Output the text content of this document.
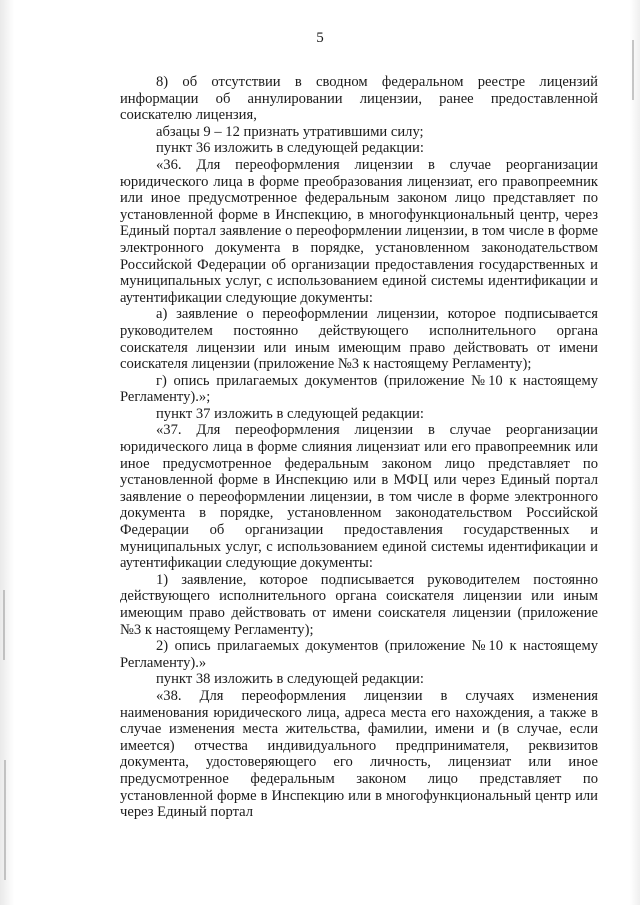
5

8) об отсутствии в сводном федеральном реестре лицензий информации об аннулировании лицензии, ранее предоставленной соискателю лицензия,

абзацы 9 – 12 признать утратившими силу;

пункт 36 изложить в следующей редакции:

«36. Для переоформления лицензии в случае реорганизации юридического лица в форме преобразования лицензиат, его правопреемник или иное предусмотренное федеральным законом лицо представляет по установленной форме в Инспекцию, в многофункциональный центр, через Единый портал заявление о переоформлении лицензии, в том числе в форме электронного документа в порядке, установленном законодательством Российской Федерации об организации предоставления государственных и муниципальных услуг, с использованием единой системы идентификации и аутентификации следующие документы:

а) заявление о переоформлении лицензии, которое подписывается руководителем постоянно действующего исполнительного органа соискателя лицензии или иным имеющим право действовать от имени соискателя лицензии (приложение №3 к настоящему Регламенту);

г) опись прилагаемых документов (приложение №10 к настоящему Регламенту).»;

пункт 37 изложить в следующей редакции:

«37. Для переоформления лицензии в случае реорганизации юридического лица в форме слияния лицензиат или его правопреемник или иное предусмотренное федеральным законом лицо представляет по установленной форме в Инспекцию или в МФЦ или через Единый портал заявление о переоформлении лицензии, в том числе в форме электронного документа в порядке, установленном законодательством Российской Федерации об организации предоставления государственных и муниципальных услуг, с использованием единой системы идентификации и аутентификации следующие документы:

1) заявление, которое подписывается руководителем постоянно действующего исполнительного органа соискателя лицензии или иным имеющим право действовать от имени соискателя лицензии (приложение №3 к настоящему Регламенту);

2) опись прилагаемых документов (приложение №10 к настоящему Регламенту).»

пункт 38 изложить в следующей редакции:

«38. Для переоформления лицензии в случаях изменения наименования юридического лица, адреса места его нахождения, а также в случае изменения места жительства, фамилии, имени и (в случае, если имеется) отчества индивидуального предпринимателя, реквизитов документа, удостоверяющего его личность, лицензиат или иное предусмотренное федеральным законом лицо представляет по установленной форме в Инспекцию или в многофункциональный центр или через Единый портал
